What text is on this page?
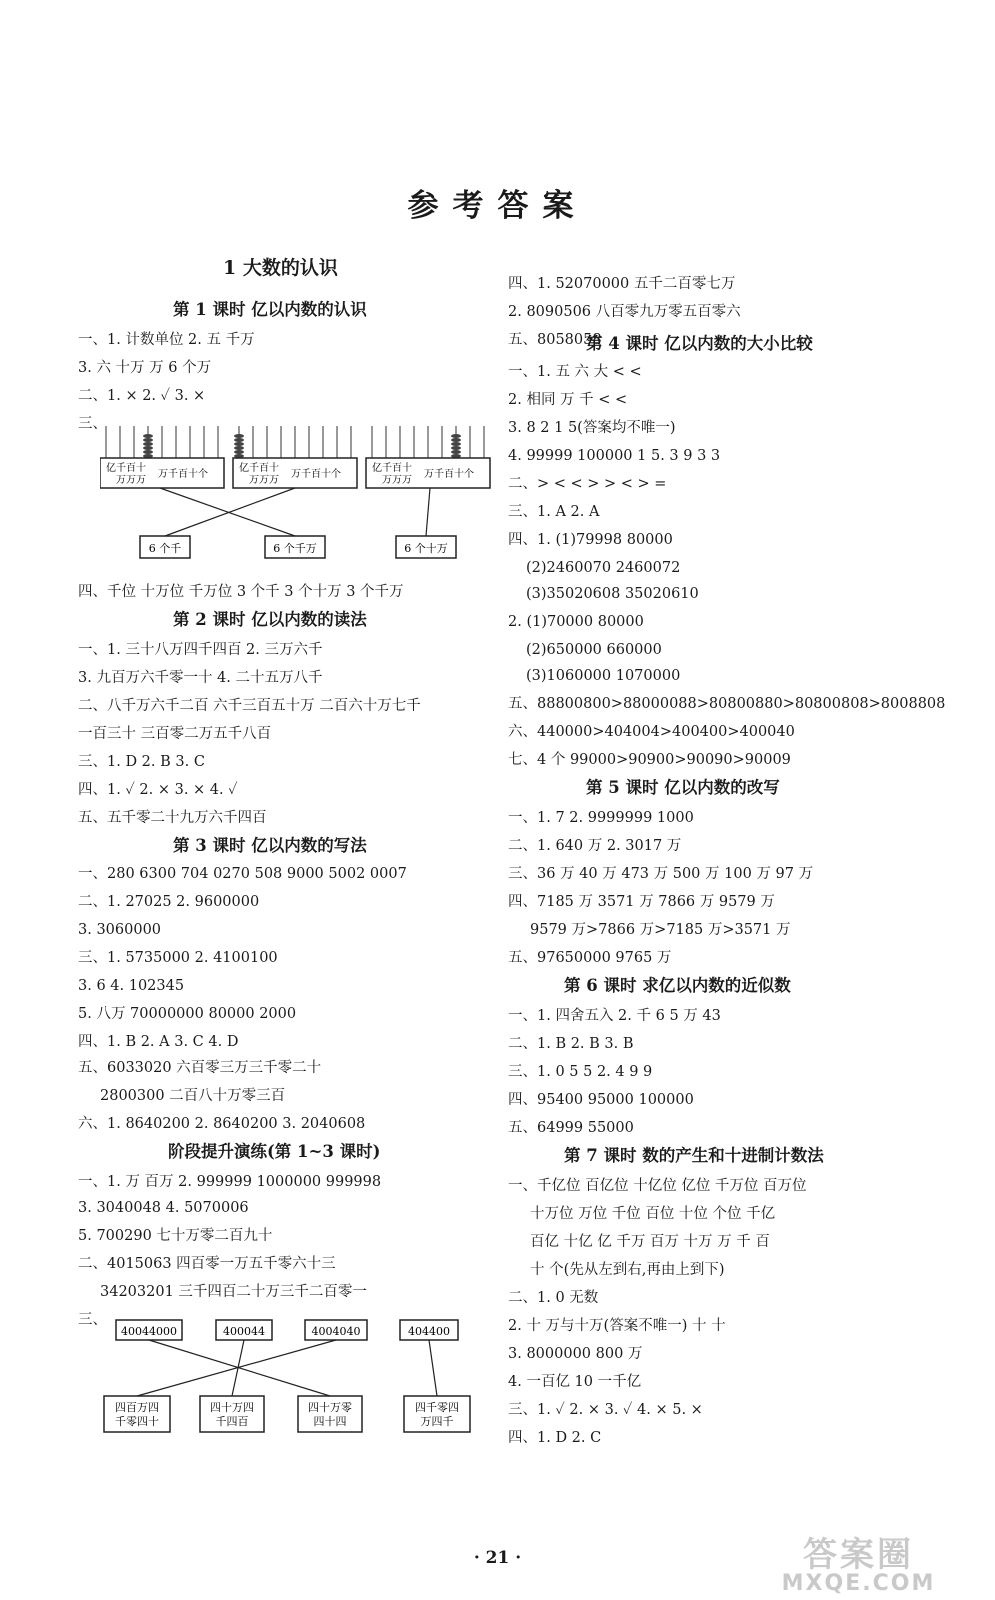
参考答案
1 大数的认识
第 1 课时 亿以内数的认识
一、1. 计数单位 2. 五 千万
3. 六 十万 万 6 个万
二、1. × 2. ✓ 3. ×
三、
四、千位 十万位 千万位 3 个千 3 个十万 3 个千万
第 2 课时 亿以内数的读法
一、1. 三十八万四千四百 2. 三万六千
3. 九百万六千零一十 4. 二十五万八千
二、八千万六千二百 六千三百五十万 二百六十万七千
一百三十 三百零二万五千八百
三、1. D 2. B 3. C
四、1. ✓ 2. × 3. × 4. ✓
五、五千零二十九万六千四百
第 3 课时 亿以内数的写法
一、280 6300 704 0270 508 9000 5002 0007
二、1. 27025 2. 9600000
3. 3060000
三、1. 5735000 2. 4100100
3. 6 4. 102345
5. 八万 70000000 80000 2000
四、1. B 2. A 3. C 4. D
五、6033020 六百零三万三千零二十
2800300 二百八十万零三百
六、1. 8640200 2. 8640200 3. 2040608
阶段提升演练(第 1~3 课时)
一、1. 万 百万 2. 999999 1000000 999998
3. 3040048 4. 5070006
5. 700290 七十万零二百九十
二、4015063 四百零一万五千零六十三
34203201 三千四百二十万三千二百零一
三、
四、1. 52070000 五千二百零七万
2. 8090506 八百零九万零五百零六
五、8058058
第 4 课时 亿以内数的大小比较
一、1. 五 六 大 < <
2. 相同 万 千 < <
3. 8 2 1 5(答案均不唯一)
4. 99999 100000 1 5. 3 9 3 3
二、> < < > > < > =
三、1. A 2. A
四、1. (1)79998 80000
(2)2460070 2460072
(3)35020608 35020610
2. (1)70000 80000
(2)650000 660000
(3)1060000 1070000
五、88800800>88000088>80800880>80800808>8008808
六、440000>404004>400400>400040
七、4 个 99000>90900>90090>90009
第 5 课时 亿以内数的改写
一、1. 7 2. 9999999 1000
二、1. 640 万 2. 3017 万
三、36 万 40 万 473 万 500 万 100 万 97 万
四、7185 万 3571 万 7866 万 9579 万
9579 万>7866 万>7185 万>3571 万
五、97650000 9765 万
第 6 课时 求亿以内数的近似数
一、1. 四舍五入 2. 千 6 5 万 43
二、1. B 2. B 3. B
三、1. 0 5 5 2. 4 9 9
四、95400 95000 100000
五、64999 55000
第 7 课时 数的产生和十进制计数法
一、千亿位 百亿位 十亿位 亿位 千万位 百万位
十万位 万位 千位 百位 十位 个位 千亿
百亿 十亿 亿 千万 百万 十万 万 千 百
十 个(先从左到右,再由上到下)
二、1. 0 无数
2. 十 万与十万(答案不唯一) 十 十
3. 8000000 800 万
4. 一百亿 10 一千亿
三、1. ✓ 2. × 3. ✓ 4. × 5. ×
四、1. D 2. C
亿千百十
万万万
万千百十个
亿千百十
万万万
万千百十个
亿千百十
万万万
万千百十个
6 个千	6 个千万	6 个十万
40044000	400044	4004040	404400
四百万四
千零四十
四十万四
千四百
四十万零
四十四
四千零四
万四千
· 21 ·	答案圈
MXQE.COM
